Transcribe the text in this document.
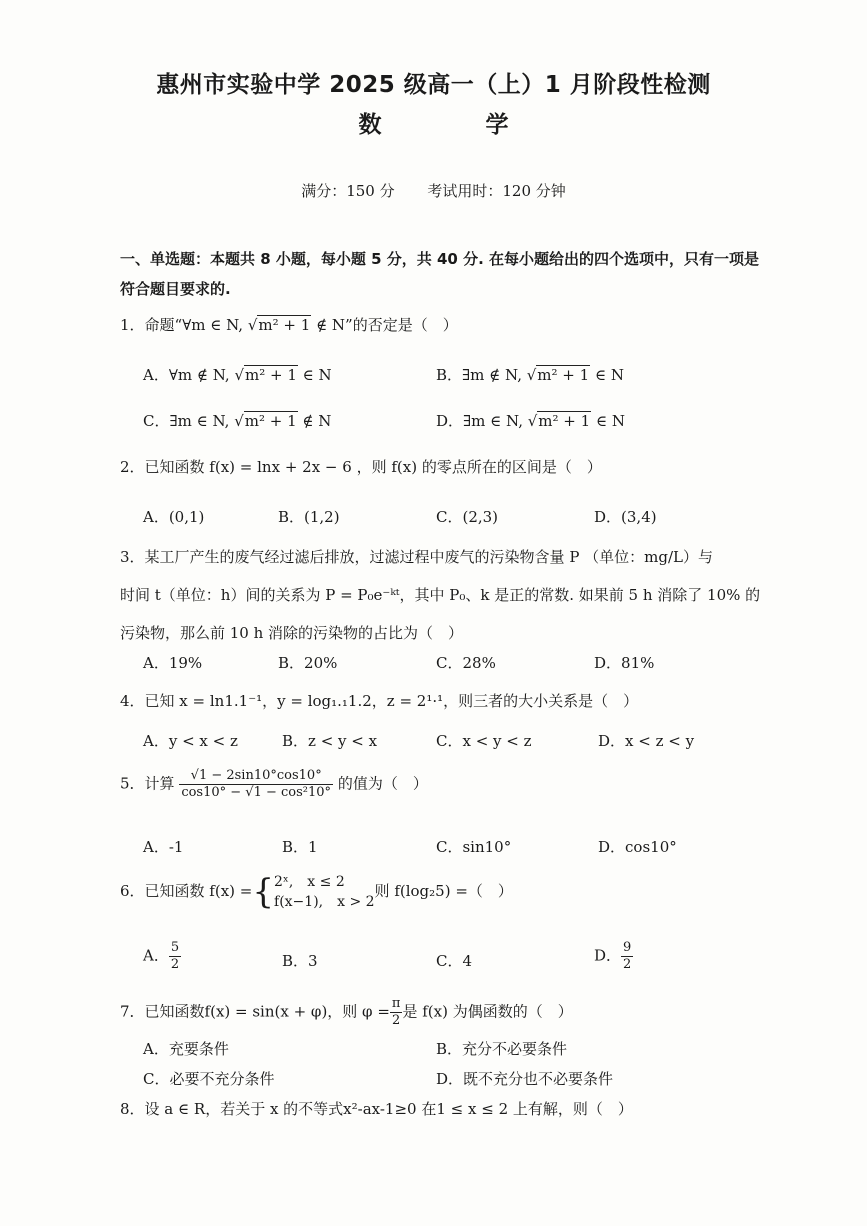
惠州市实验中学 2025 级高一（上）1 月阶段性检测
数 学
满分：150 分 考试用时：120 分钟
一、单选题：本题共 8 小题，每小题 5 分，共 40 分. 在每小题给出的四个选项中，只有一项是符合题目要求的.
1．命题“∀m ∈ N, √m² + 1 ∉ N”的否定是（　）
A．∀m ∉ N, √m² + 1 ∈ N	B．∃m ∉ N, √m² + 1 ∈ N
C．∃m ∈ N, √m² + 1 ∉ N	D．∃m ∈ N, √m² + 1 ∈ N
2．已知函数 f(x) = lnx + 2x − 6 ，则 f(x) 的零点所在的区间是（　）
A．(0,1)	B．(1,2)	C．(2,3)	D．(3,4)
3．某工厂产生的废气经过滤后排放，过滤过程中废气的污染物含量 P （单位：mg/L）与
时间 t（单位：h）间的关系为 P = P₀e⁻ᵏᵗ，其中 P₀、k 是正的常数. 如果前 5 h 消除了 10% 的
污染物，那么前 10 h 消除的污染物的占比为（　）
A．19%	B．20%	C．28%	D．81%
4．已知 x = ln1.1⁻¹，y = log₁.₁1.2，z = 2¹·¹，则三者的大小关系是（　）
A．y < x < z	B．z < y < x	C．x < y < z	D．x < z < y
5．计算 $\frac{√1 - 2\sin 10^\circ\cos 10^\circ}{\text{cos10° − √1 − cos²10°}}$ 的值为（　）
A．-1	B．1	C．sin10°	D．cos10°
6．已知函数 f(x) ={ 2ˣ,　x ≤ 2
f(x−1),　x > 2
则 f(log₂5) =（　）
A． $\frac{5}{2}$	B．3	C．4	D． $\frac{9}{2}$
7．已知函数f(x) = sin(x + φ)，则 $\varphi = \frac{\pi}{2}$ 是 f(x) 为偶函数的（　）
A．充要条件	B．充分不必要条件
C．必要不充分条件	D．既不充分也不必要条件
8．设 a ∈ R，若关于 x 的不等式x²-ax-1≥0 在1 ≤ x ≤ 2 上有解，则（　）
